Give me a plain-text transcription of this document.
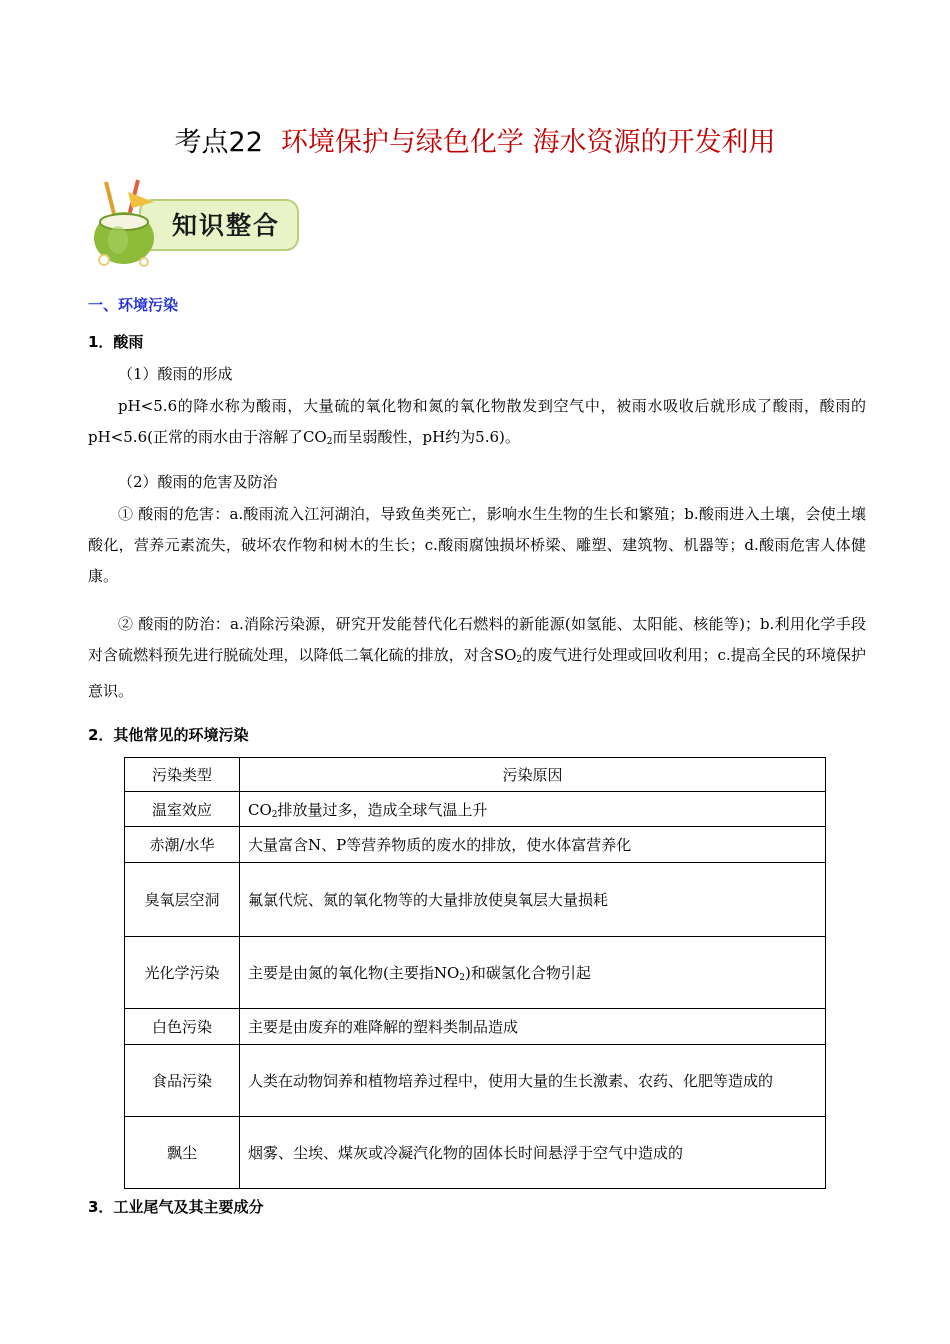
考点22 环境保护与绿色化学 海水资源的开发利用
知识整合
一、环境污染
1．酸雨
（1）酸雨的形成
pH<5.6的降水称为酸雨，大量硫的氧化物和氮的氧化物散发到空气中，被雨水吸收后就形成了酸雨，酸雨的pH<5.6(正常的雨水由于溶解了$CO_2$而呈弱酸性，pH约为5.6)。
（2）酸雨的危害及防治
① 酸雨的危害：a.酸雨流入江河湖泊，导致鱼类死亡，影响水生生物的生长和繁殖；b.酸雨进入土壤，会使土壤酸化，营养元素流失，破坏农作物和树木的生长；c.酸雨腐蚀损坏桥梁、雕塑、建筑物、机器等；d.酸雨危害人体健康。
② 酸雨的防治：a.消除污染源，研究开发能替代化石燃料的新能源(如氢能、太阳能、核能等)；b.利用化学手段对含硫燃料预先进行脱硫处理，以降低二氧化硫的排放，对含$SO_2$的废气进行处理或回收利用；c.提高全民的环境保护意识。
2．其他常见的环境污染
污染类型	污染原因
温室效应	$CO_2$排放量过多，造成全球气温上升
赤潮/水华	大量富含N、P等营养物质的废水的排放，使水体富营养化
臭氧层空洞	氟氯代烷、氮的氧化物等的大量排放使臭氧层大量损耗
光化学污染	主要是由氮的氧化物(主要指$NO_2$)和碳氢化合物引起
白色污染	主要是由废弃的难降解的塑料类制品造成
食品污染	人类在动物饲养和植物培养过程中，使用大量的生长激素、农药、化肥等造成的
飘尘	烟雾、尘埃、煤灰或冷凝汽化物的固体长时间悬浮于空气中造成的
3．工业尾气及其主要成分
